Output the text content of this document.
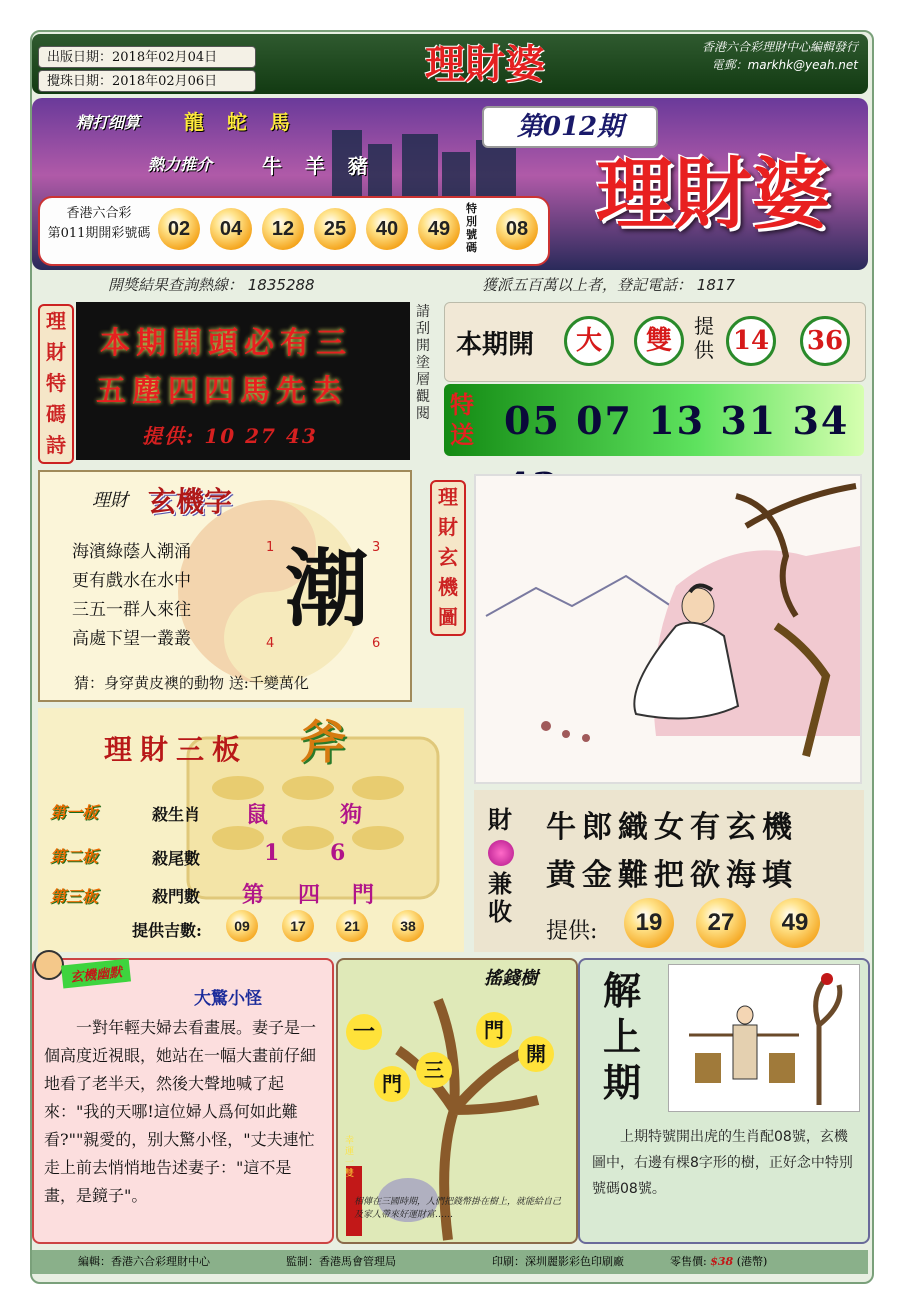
出版日期：2018年02月04日
攪珠日期：2018年02月06日	理財婆	香港六合彩理財中心編輯發行
電郵：markhk@yeah.net
精打细算 龍 蛇 馬
熱力推介 牛 羊 豬
第012期
理財婆
香港六合彩
第011期開彩號碼 02	04	12	25	40	49
特別號碼
08
開獎結果查詢熱線： 1835288	獲派五百萬以上者，登記電話： 1817
理財特碼詩
本期開頭必有三
五塵四四馬先去
提供: 10 27 43
請刮開塗層觀閱
本期開	大	雙	提供 14 36
特送 05 07 13 31 34
理財 玄機字
海濱綠蔭人潮涌
更有戲水在水中
三五一群人來往
高處下望一叢叢
1	3
4	6
潮
猜：身穿黄皮襖的動物 送:千變萬化
理財玄機圖
理財三板 斧
第一板	殺生肖 鼠	狗
第二板	殺尾數	1 6
第三板	殺門數 第 四 門
提供吉數:	09	17	21	38
財
兼收
牛郎織女有玄機
黄金難把欲海填
提供:	19	27	49
玄機幽默
大驚小怪
一對年輕夫婦去看畫展。妻子是一個高度近視眼，她站在一幅大畫前仔細地看了老半天，然後大聲地喊了起來："我的天哪!這位婦人爲何如此難看?""親愛的，别大驚小怪，"丈夫連忙走上前去悄悄地告述妻子："這不是畫，是鏡子"。
搖錢樹
一	門
三
門
開
幸運一雙
相傳在三國時期，人們把錢幣掛在樹上，就能給自己及家人帶來好運財富……
解上期
上期特號開出虎的生肖配08號，玄機圖中，右邊有棵8字形的樹，正好念中特別號碼08號。
編輯：香港六合彩理財中心	監制：香港馬會管理局	印刷：深圳麗影彩色印刷廠	零售價: $38 (港幣)
